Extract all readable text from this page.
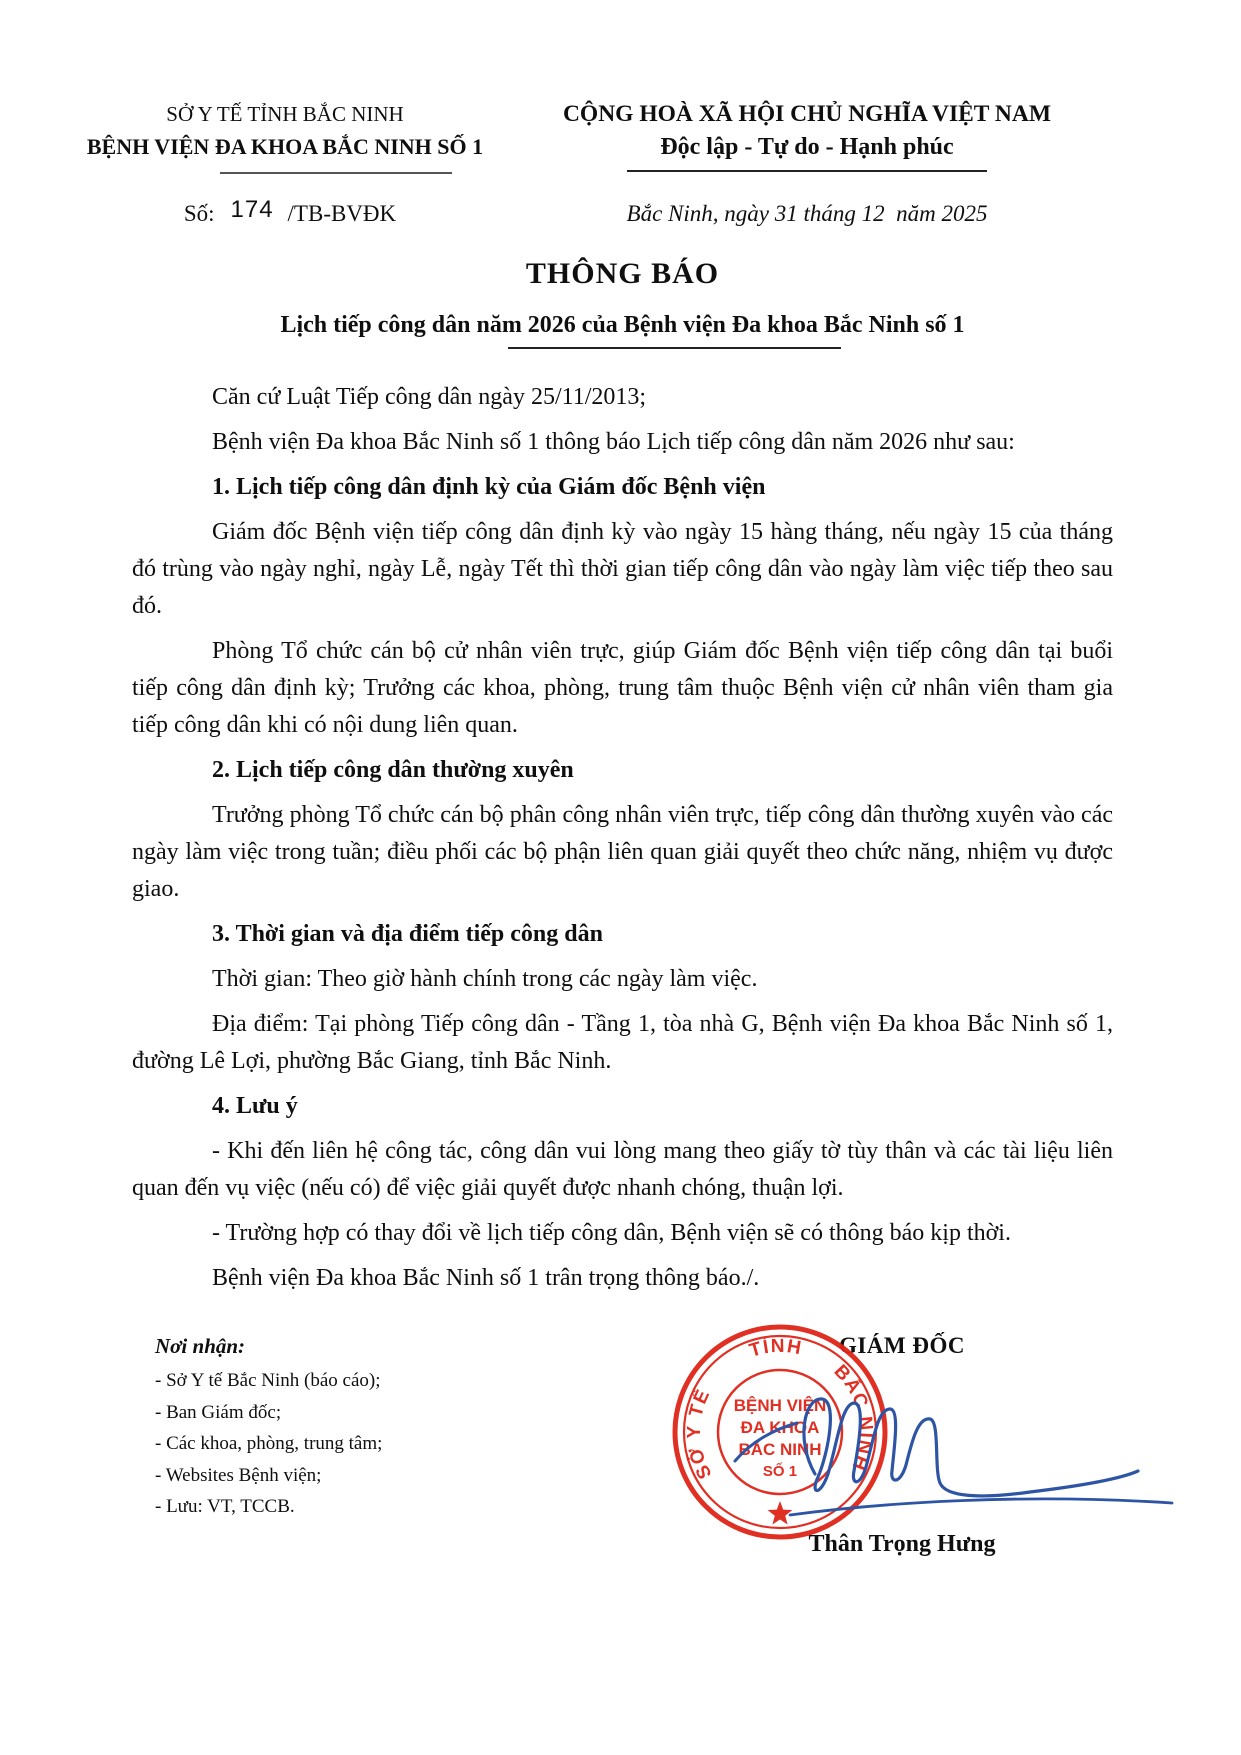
SỞ Y TẾ TỈNH BẮC NINH
BỆNH VIỆN ĐA KHOA BẮC NINH SỐ 1
CỘNG HOÀ XÃ HỘI CHỦ NGHĨA VIỆT NAM
Độc lập - Tự do - Hạnh phúc
Số: 174 /TB-BVĐK	Bắc Ninh, ngày 31 tháng 12  năm 2025
THÔNG BÁO
Lịch tiếp công dân năm 2026 của Bệnh viện Đa khoa Bắc Ninh số 1

Căn cứ Luật Tiếp công dân ngày 25/11/2013;

Bệnh viện Đa khoa Bắc Ninh số 1 thông báo Lịch tiếp công dân năm 2026 như sau:

1. Lịch tiếp công dân định kỳ của Giám đốc Bệnh viện

Giám đốc Bệnh viện tiếp công dân định kỳ vào ngày 15 hàng tháng, nếu ngày 15 của tháng đó trùng vào ngày nghỉ, ngày Lễ, ngày Tết thì thời gian tiếp công dân vào ngày làm việc tiếp theo sau đó.

Phòng Tổ chức cán bộ cử nhân viên trực, giúp Giám đốc Bệnh viện tiếp công dân tại buổi tiếp công dân định kỳ; Trưởng các khoa, phòng, trung tâm thuộc Bệnh viện cử nhân viên tham gia tiếp công dân khi có nội dung liên quan.

2. Lịch tiếp công dân thường xuyên

Trưởng phòng Tổ chức cán bộ phân công nhân viên trực, tiếp công dân thường xuyên vào các ngày làm việc trong tuần; điều phối các bộ phận liên quan giải quyết theo chức năng, nhiệm vụ được giao.

3. Thời gian và địa điểm tiếp công dân

Thời gian: Theo giờ hành chính trong các ngày làm việc.

Địa điểm: Tại phòng Tiếp công dân - Tầng 1, tòa nhà G, Bệnh viện Đa khoa Bắc Ninh số 1, đường Lê Lợi, phường Bắc Giang, tỉnh Bắc Ninh.

4. Lưu ý

- Khi đến liên hệ công tác, công dân vui lòng mang theo giấy tờ tùy thân và các tài liệu liên quan đến vụ việc (nếu có) để việc giải quyết được nhanh chóng, thuận lợi.

- Trường hợp có thay đổi về lịch tiếp công dân, Bệnh viện sẽ có thông báo kịp thời.

Bệnh viện Đa khoa Bắc Ninh số 1 trân trọng thông báo./.

Nơi nhận:
- Sở Y tế Bắc Ninh (báo cáo);
- Ban Giám đốc;
- Các khoa, phòng, trung tâm;
- Websites Bệnh viện;
- Lưu: VT, TCCB.
GIÁM ĐỐC
SỞ Y TẾ
TỈNH
BẮC NINH
BỆNH VIỆN
ĐA KHOA
BẮC NINH
SỐ 1
Thân Trọng Hưng
